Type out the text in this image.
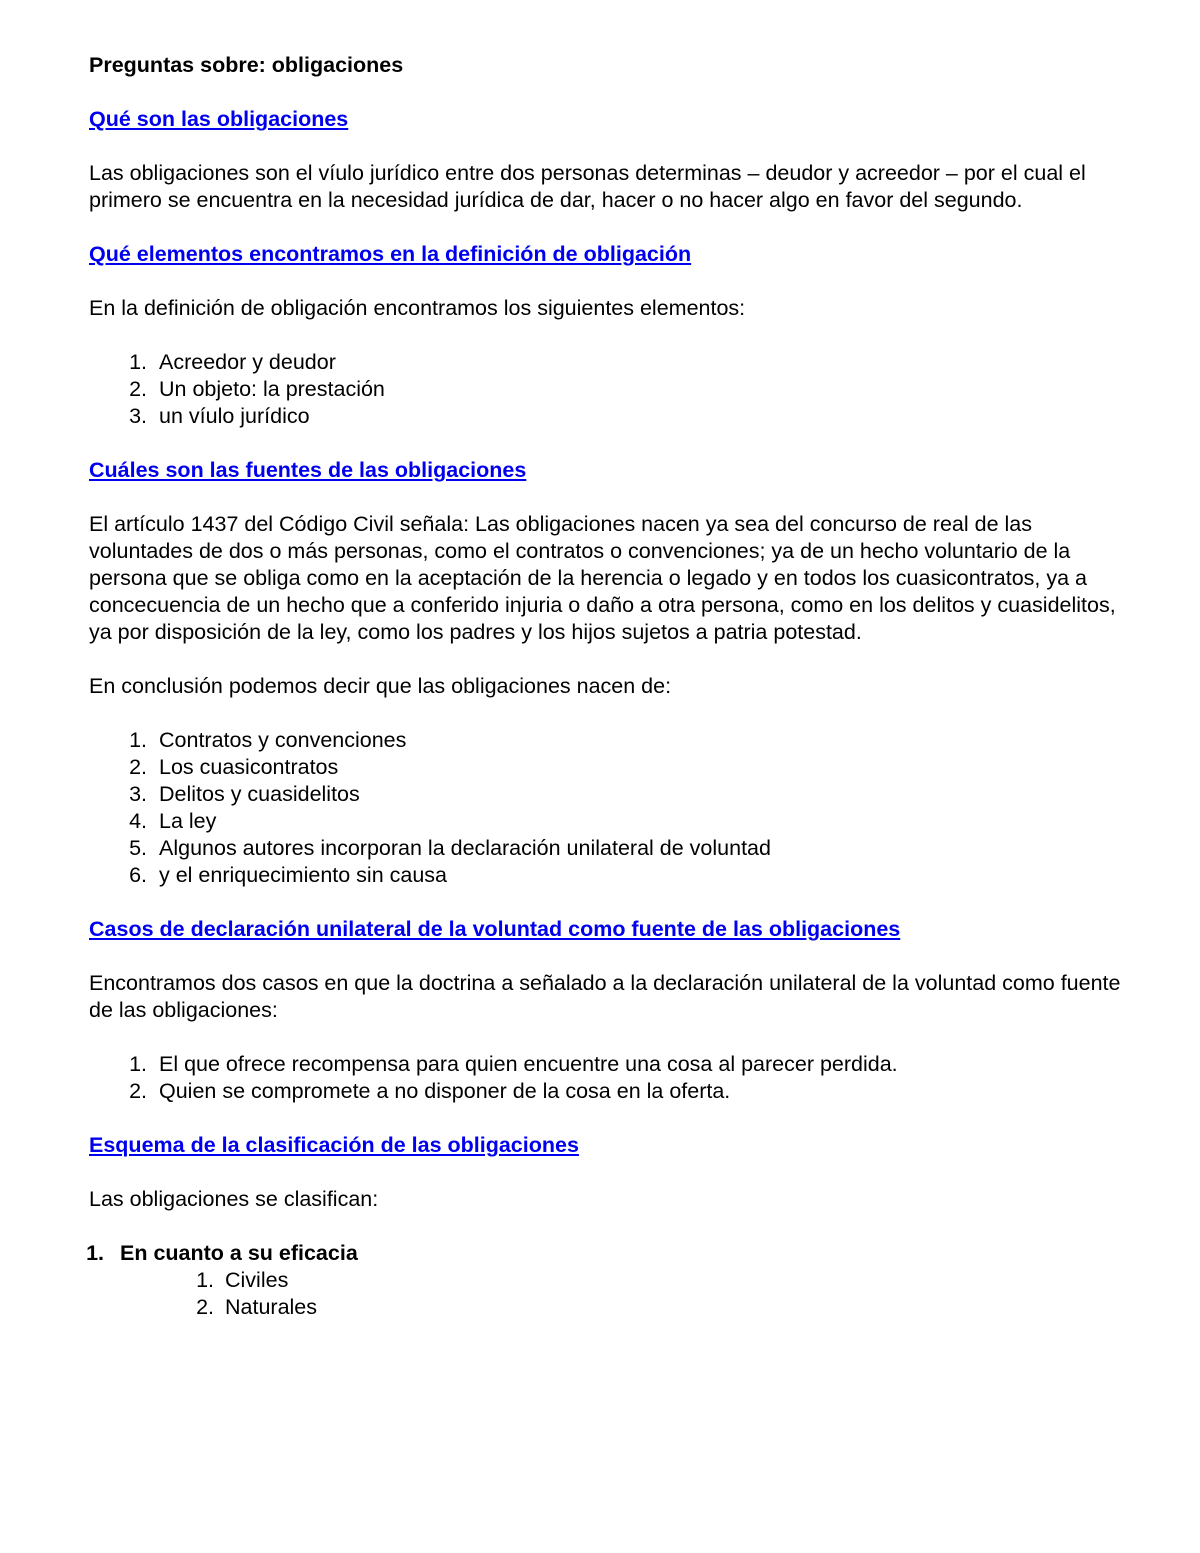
Preguntas sobre: obligaciones
Qué son las obligaciones

Las obligaciones son el víulo jurídico entre dos personas determinas – deudor y acreedor – por el cual el primero se encuentra en la necesidad jurídica de dar, hacer o no hacer algo en favor del segundo.

Qué elementos encontramos en la definición de obligación

En la definición de obligación encontramos los siguientes elementos:

1. Acreedor y deudor
2. Un objeto: la prestación
3. un víulo jurídico
Cuáles son las fuentes de las obligaciones

El artículo 1437 del Código Civil señala: Las obligaciones nacen ya sea del concurso de real de las voluntades de dos o más personas, como el contratos o convenciones; ya de un hecho voluntario de la persona que se obliga como en la aceptación de la herencia o legado y en todos los cuasicontratos, ya a concecuencia de un hecho que a conferido injuria o daño a otra persona, como en los delitos y cuasidelitos, ya por disposición de la ley, como los padres y los hijos sujetos a patria potestad.

En conclusión podemos decir que las obligaciones nacen de:

1. Contratos y convenciones
2. Los cuasicontratos
3. Delitos y cuasidelitos
4. La ley
5. Algunos autores incorporan la declaración unilateral de voluntad
6. y el enriquecimiento sin causa
Casos de declaración unilateral de la voluntad como fuente de las obligaciones

Encontramos dos casos en que la doctrina a señalado a la declaración unilateral de la voluntad como fuente de las obligaciones:

1. El que ofrece recompensa para quien encuentre una cosa al parecer perdida.
2. Quien se compromete a no disponer de la cosa en la oferta.
Esquema de la clasificación de las obligaciones

Las obligaciones se clasifican:

1. En cuanto a su eficacia
1. Civiles
2. Naturales
